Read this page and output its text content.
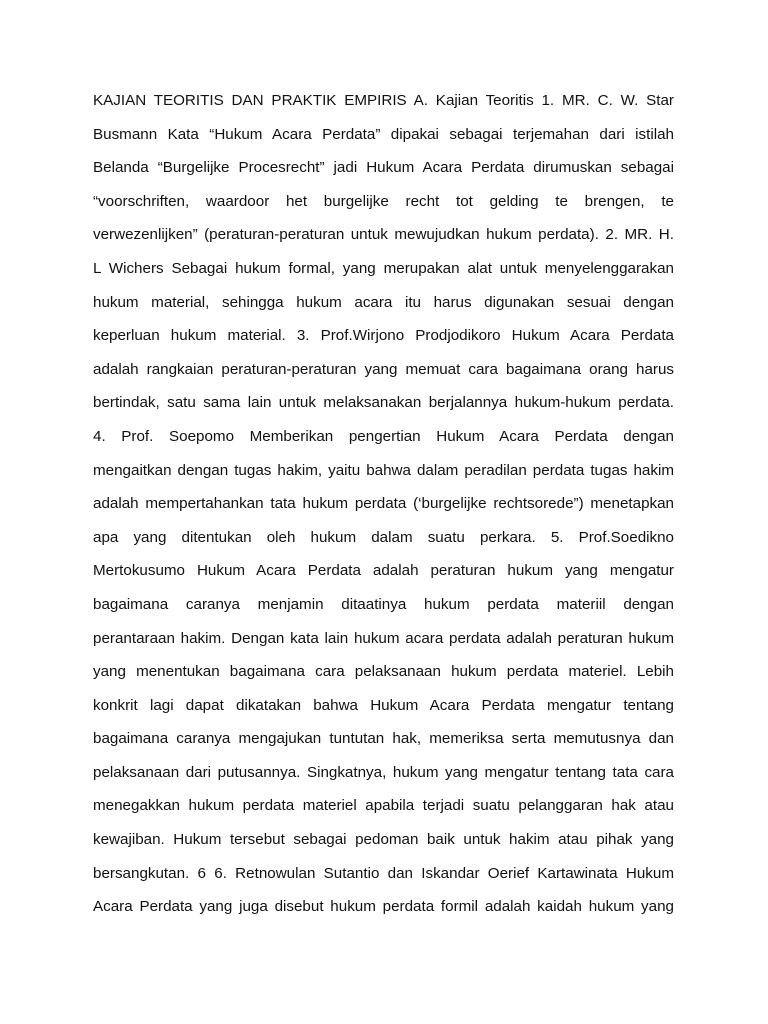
KAJIAN TEORITIS DAN PRAKTIK EMPIRIS A. Kajian Teoritis 1. MR. C. W. Star
Busmann Kata “Hukum Acara Perdata” dipakai sebagai terjemahan dari istilah
Belanda “Burgelijke Procesrecht” jadi Hukum Acara Perdata dirumuskan sebagai
“voorschriften, waardoor het burgelijke recht tot gelding te brengen, te
verwezenlijken” (peraturan-peraturan untuk mewujudkan hukum perdata). 2. MR. H.
L Wichers Sebagai hukum formal, yang merupakan alat untuk menyelenggarakan
hukum material, sehingga hukum acara itu harus digunakan sesuai dengan
keperluan hukum material. 3. Prof.Wirjono Prodjodikoro Hukum Acara Perdata
adalah rangkaian peraturan-peraturan yang memuat cara bagaimana orang harus
bertindak, satu sama lain untuk melaksanakan berjalannya hukum-hukum perdata.
4. Prof. Soepomo Memberikan pengertian Hukum Acara Perdata dengan
mengaitkan dengan tugas hakim, yaitu bahwa dalam peradilan perdata tugas hakim
adalah mempertahankan tata hukum perdata (‘burgelijke rechtsorede”) menetapkan
apa yang ditentukan oleh hukum dalam suatu perkara. 5. Prof.Soedikno
Mertokusumo Hukum Acara Perdata adalah peraturan hukum yang mengatur
bagaimana caranya menjamin ditaatinya hukum perdata materiil dengan
perantaraan hakim. Dengan kata lain hukum acara perdata adalah peraturan hukum
yang menentukan bagaimana cara pelaksanaan hukum perdata materiel. Lebih
konkrit lagi dapat dikatakan bahwa Hukum Acara Perdata mengatur tentang
bagaimana caranya mengajukan tuntutan hak, memeriksa serta memutusnya dan
pelaksanaan dari putusannya. Singkatnya, hukum yang mengatur tentang tata cara
menegakkan hukum perdata materiel apabila terjadi suatu pelanggaran hak atau
kewajiban. Hukum tersebut sebagai pedoman baik untuk hakim atau pihak yang
bersangkutan. 6 6. Retnowulan Sutantio dan Iskandar Oerief Kartawinata Hukum
Acara Perdata yang juga disebut hukum perdata formil adalah kaidah hukum yang
